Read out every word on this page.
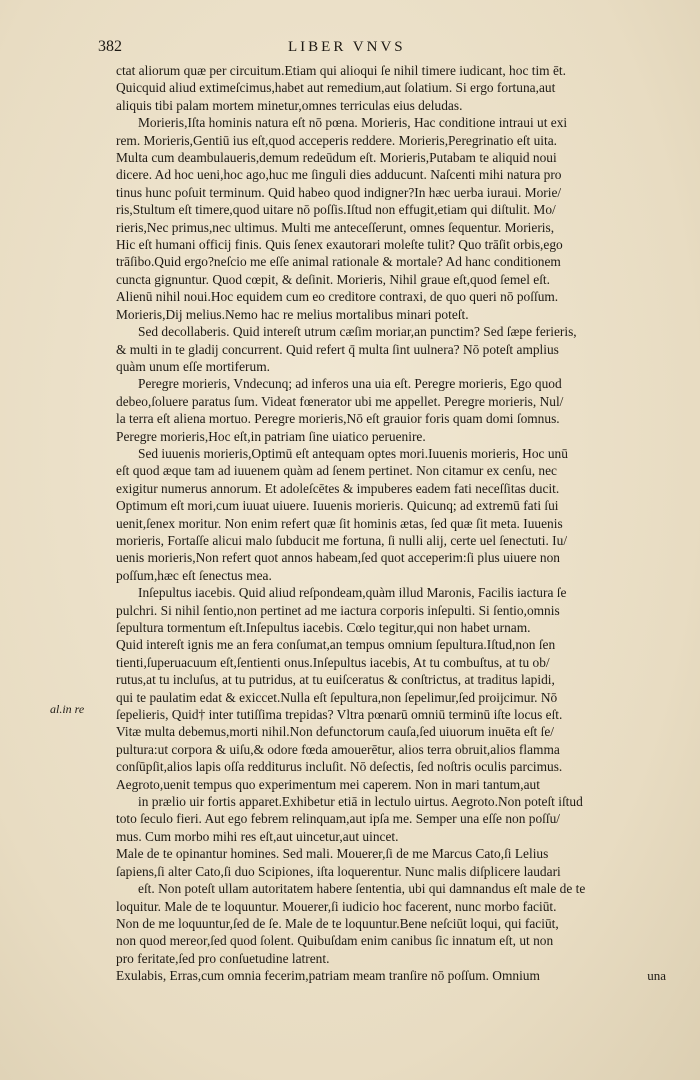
382	LIBER VNVS
al.in re
ctat aliorum quæ per circuitum.Etiam qui alioqui ſe nihil timere iudicant, hoc tim ēt.
Quicquid aliud extimeſcimus,habet aut remedium,aut ſolatium. Si ergo fortuna,aut
aliquis tibi palam mortem minetur,omnes terriculas eius deludas.
Morieris,Iſta hominis natura eſt nō pœna. Morieris, Hac conditione intraui ut exi
rem. Morieris,Gentiū ius eſt,quod acceperis reddere. Morieris,Peregrinatio eſt uita.
Multa cum deambulaueris,demum redeūdum eſt. Morieris,Putabam te aliquid noui
dicere. Ad hoc ueni,hoc ago,huc me ſinguli dies adducunt. Naſcenti mihi natura pro
tinus hunc poſuit terminum. Quid habeo quod indigner?In hæc uerba iuraui. Morie/
ris,Stultum eſt timere,quod uitare nō poſſis.Iſtud non effugit,etiam qui diſtulit. Mo/
rieris,Nec primus,nec ultimus. Multi me anteceſſerunt, omnes ſequentur. Morieris,
Hic eſt humani officij finis. Quis ſenex exautorari moleſte tulit? Quo trāſit orbis,ego
trāſibo.Quid ergo?neſcio me eſſe animal rationale & mortale? Ad hanc conditionem
cuncta gignuntur. Quod cœpit, & deſinit. Morieris, Nihil graue eſt,quod ſemel eſt.
Alienū nihil noui.Hoc equidem cum eo creditore contraxi, de quo queri nō poſſum.
Morieris,Dij melius.Nemo hac re melius mortalibus minari poteſt.
Sed decollaberis. Quid intereſt utrum cæſim moriar,an punctim? Sed ſæpe ferieris,
& multi in te gladij concurrent. Quid refert q̄ multa ſint uulnera? Nō poteſt amplius
quàm unum eſſe mortiferum.
Peregre morieris, Vndecunq; ad inferos una uia eſt. Peregre morieris, Ego quod
debeo,ſoluere paratus ſum. Videat fœnerator ubi me appellet. Peregre morieris, Nul/
la terra eſt aliena mortuo. Peregre morieris,Nō eſt grauior foris quam domi ſomnus.
Peregre morieris,Hoc eſt,in patriam ſine uiatico peruenire.
Sed iuuenis morieris,Optimū eſt antequam optes mori.Iuuenis morieris, Hoc unū
eſt quod æque tam ad iuuenem quàm ad ſenem pertinet. Non citamur ex cenſu, nec
exigitur numerus annorum. Et adoleſcētes & impuberes eadem fati neceſſitas ducit.
Optimum eſt mori,cum iuuat uiuere. Iuuenis morieris. Quicunq; ad extremū fati ſui
uenit,ſenex moritur. Non enim refert quæ ſit hominis ætas, ſed quæ ſit meta. Iuuenis
morieris, Fortaſſe alicui malo ſubducit me fortuna, ſi nulli alij, certe uel ſenectuti. Iu/
uenis morieris,Non refert quot annos habeam,ſed quot acceperim:ſi plus uiuere non
poſſum,hæc eſt ſenectus mea.
Inſepultus iacebis. Quid aliud reſpondeam,quàm illud Maronis, Facilis iactura ſe
pulchri. Si nihil ſentio,non pertinet ad me iactura corporis inſepulti. Si ſentio,omnis
ſepultura tormentum eſt.Inſepultus iacebis. Cœlo tegitur,qui non habet urnam.
Quid intereſt ignis me an fera conſumat,an tempus omnium ſepultura.Iſtud,non ſen
tienti,ſuperuacuum eſt,ſentienti onus.Inſepultus iacebis, At tu combuſtus, at tu ob/
rutus,at tu incluſus, at tu putridus, at tu euiſceratus & conſtrictus, at traditus lapidi,
qui te paulatim edat & exiccet.Nulla eſt ſepultura,non ſepelimur,ſed proijcimur. Nō
ſepelieris, Quid† inter tutiſſima trepidas? Vltra pœnarū omniū terminū iſte locus eſt.
Vitæ multa debemus,morti nihil.Non defunctorum cauſa,ſed uiuorum inuēta eſt ſe/
pultura:ut corpora & uiſu,& odore fœda amouerētur, alios terra obruit,alios flamma
conſūpſit,alios lapis oſſa redditurus incluſit. Nō deſectis, ſed noſtris oculis parcimus.
Aegroto,uenit tempus quo experimentum mei caperem. Non in mari tantum,aut
in prælio uir fortis apparet.Exhibetur etiā in lectulo uirtus. Aegroto.Non poteſt iſtud
toto ſeculo fieri. Aut ego febrem relinquam,aut ipſa me. Semper una eſſe non poſſu/
mus. Cum morbo mihi res eſt,aut uincetur,aut uincet.
Male de te opinantur homines. Sed mali. Mouerer,ſi de me Marcus Cato,ſi Lelius
ſapiens,ſi alter Cato,ſi duo Scipiones, iſta loquerentur. Nunc malis diſplicere laudari
eſt. Non poteſt ullam autoritatem habere ſententia, ubi qui damnandus eſt male de te
loquitur. Male de te loquuntur. Mouerer,ſi iudicio hoc facerent, nunc morbo faciūt.
Non de me loquuntur,ſed de ſe. Male de te loquuntur.Bene neſciūt loqui, qui faciūt,
non quod mereor,ſed quod ſolent. Quibuſdam enim canibus ſic innatum eſt, ut non
pro feritate,ſed pro conſuetudine latrent.
Exulabis, Erras,cum omnia fecerim,patriam meam tranſire nō poſſum. Omnium	una
